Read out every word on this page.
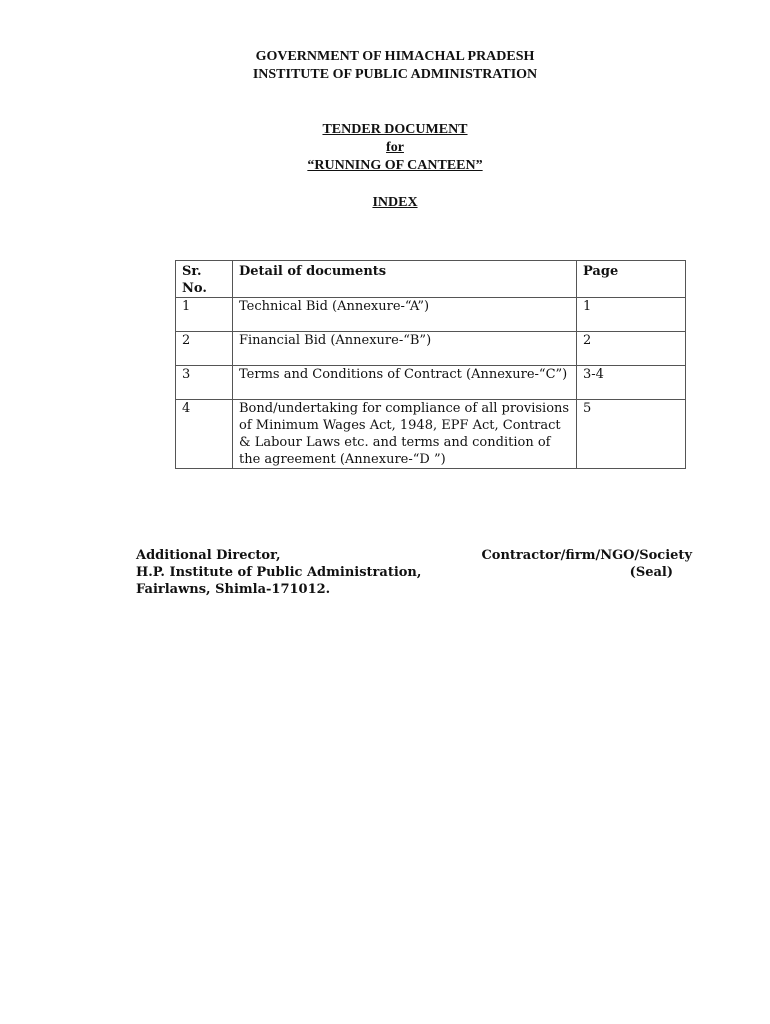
GOVERNMENT OF HIMACHAL PRADESH
INSTITUTE OF PUBLIC ADMINISTRATION
TENDER DOCUMENT
for
“RUNNING OF CANTEEN”
INDEX
Sr. No.	Detail of documents	Page
1	Technical Bid (Annexure-“A”)	1
2	Financial Bid (Annexure-“B”)	2
3	Terms and Conditions of Contract (Annexure-“C”)	3-4
4	Bond/undertaking for compliance of all provisions of Minimum Wages Act, 1948, EPF Act, Contract & Labour Laws etc. and terms and condition of the agreement (Annexure-“D ”)	5
Additional Director,
H.P. Institute of Public Administration,
Fairlawns, Shimla-171012.
Contractor/firm/NGO/Society
(Seal)
